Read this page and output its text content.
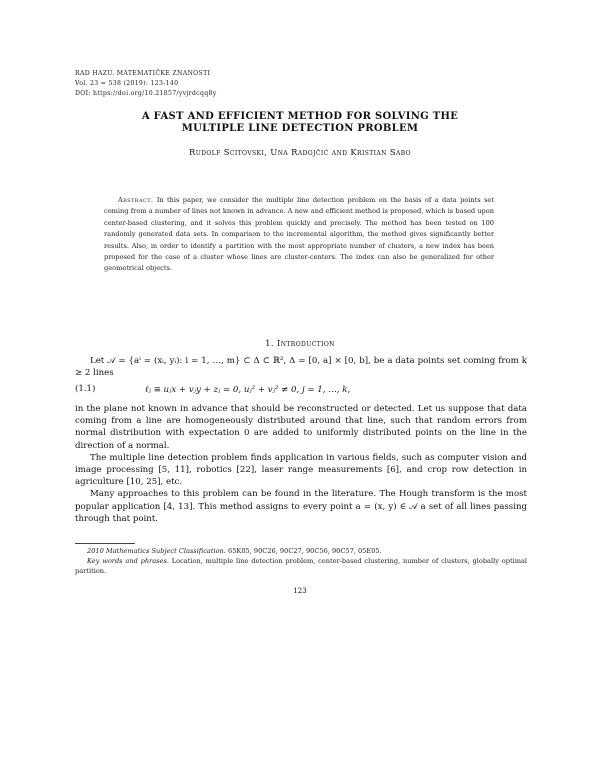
RAD HAZU. MATEMATIČKE ZNANOSTI
Vol. 23 = 538 (2019): 123-140
DOI: https://doi.org/10.21857/yvjrdcqq8y
A FAST AND EFFICIENT METHOD FOR SOLVING THE
MULTIPLE LINE DETECTION PROBLEM
Rudolf Scitovski, Una Radojčić and Kristian Sabo
Abstract. In this paper, we consider the multiple line detection problem on the basis of a data points set coming from a number of lines not known in advance. A new and efficient method is proposed, which is based upon center-based clustering, and it solves this problem quickly and precisely. The method has been tested on 100 randomly generated data sets. In comparison to the incremental algorithm, the method gives significantly better results. Also, in order to identify a partition with the most appropriate number of clusters, a new index has been proposed for the case of a cluster whose lines are cluster-centers. The index can also be generalized for other geometrical objects.
1. Introduction

Let 𝒜 = {aⁱ = (xᵢ, yᵢ): i = 1, …, m} ⊂ Δ ⊂ ℝ², Δ = [0, a] × [0, b], be a data points set coming from k ≥ 2 lines

(1.1)	ℓⱼ ≡ uⱼx + vⱼy + zⱼ = 0, uⱼ² + vⱼ² ≠ 0, j = 1, …, k,

in the plane not known in advance that should be reconstructed or detected. Let us suppose that data coming from a line are homogeneously distributed around that line, such that random errors from normal distribution with expectation 0 are added to uniformly distributed points on the line in the direction of a normal.

The multiple line detection problem finds application in various fields, such as computer vision and image processing [5, 11], robotics [22], laser range measurements [6], and crop row detection in agriculture [10, 25], etc.

Many approaches to this problem can be found in the literature. The Hough transform is the most popular application [4, 13]. This method assigns to every point a = (x, y) ∈ 𝒜 a set of all lines passing through that point.

2010 Mathematics Subject Classification. 65K05, 90C26, 90C27, 90C56, 90C57, 05E05.

Key words and phrases. Location, multiple line detection problem, center-based clustering, number of clusters, globally optimal partition.

123
